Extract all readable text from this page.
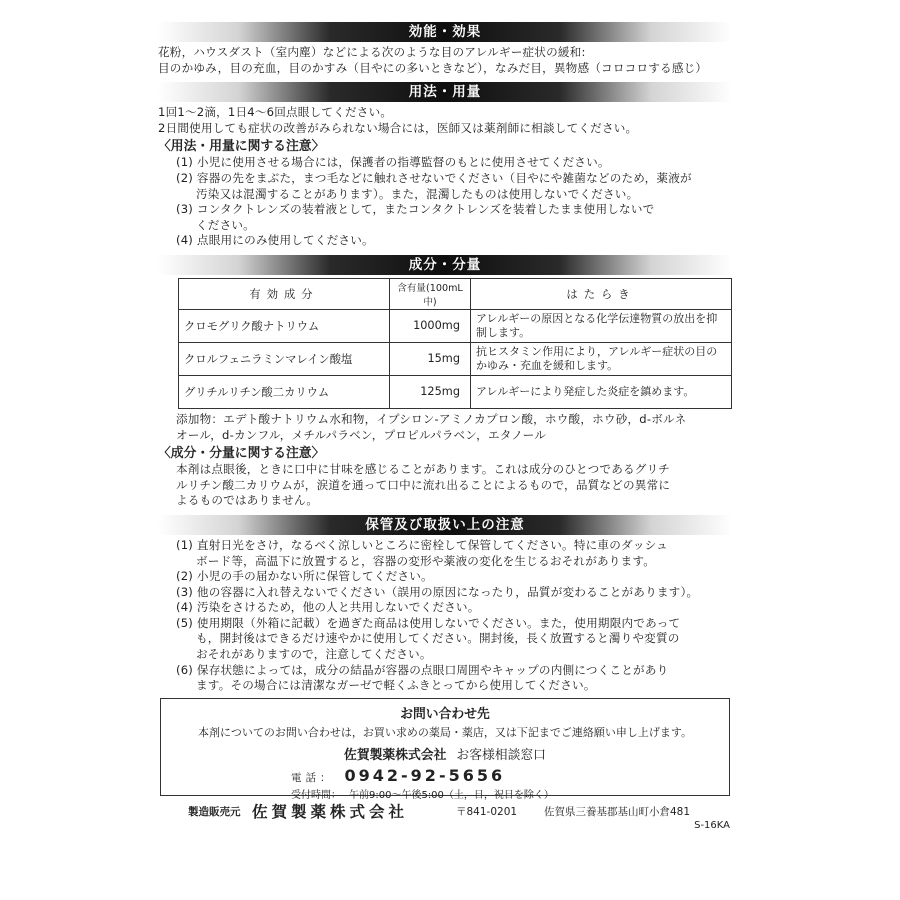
効能・効果
花粉，ハウスダスト（室内塵）などによる次のような目のアレルギー症状の緩和:
目のかゆみ，目の充血，目のかすみ（目やにの多いときなど），なみだ目，異物感（コロコロする感じ）
用法・用量
1回1～2滴，1日4～6回点眼してください。
2日間使用しても症状の改善がみられない場合には，医師又は薬剤師に相談してください。
〈用法・用量に関する注意〉
(1) 小児に使用させる場合には，保護者の指導監督のもとに使用させてください。
(2) 容器の先をまぶた，まつ毛などに触れさせないでください（目やにや雑菌などのため，薬液が
汚染又は混濁することがあります）。また，混濁したものは使用しないでください。
(3) コンタクトレンズの装着液として，またコンタクトレンズを装着したまま使用しないで
ください。
(4) 点眼用にのみ使用してください。
成分・分量
有効成分	含有量(100mL中)	はたらき
クロモグリク酸ナトリウム	1000mg	アレルギーの原因となる化学伝達物質の放出を抑制します。
クロルフェニラミンマレイン酸塩	15mg	抗ヒスタミン作用により，アレルギー症状の目のかゆみ・充血を緩和します。
グリチルリチン酸二カリウム	125mg	アレルギーにより発症した炎症を鎮めます。
添加物：エデト酸ナトリウム水和物，イプシロン-アミノカプロン酸，ホウ酸，ホウ砂，d-ボルネ
オール，d-カンフル，メチルパラベン，プロピルパラベン，エタノール
〈成分・分量に関する注意〉
本剤は点眼後，ときに口中に甘味を感じることがあります。これは成分のひとつであるグリチ
ルリチン酸二カリウムが，涙道を通って口中に流れ出ることによるもので，品質などの異常に
よるものではありません。
保管及び取扱い上の注意
(1) 直射日光をさけ，なるべく涼しいところに密栓して保管してください。特に車のダッシュ
ボード等，高温下に放置すると，容器の変形や薬液の変化を生じるおそれがあります。
(2) 小児の手の届かない所に保管してください。
(3) 他の容器に入れ替えないでください（誤用の原因になったり，品質が変わることがあります）。
(4) 汚染をさけるため，他の人と共用しないでください。
(5) 使用期限（外箱に記載）を過ぎた商品は使用しないでください。また，使用期限内であって
も，開封後はできるだけ速やかに使用してください。開封後，長く放置すると濁りや変質の
おそれがありますので，注意してください。
(6) 保存状態によっては，成分の結晶が容器の点眼口周囲やキャップの内側につくことがあり
ます。その場合には清潔なガーゼで軽くふきとってから使用してください。
お問い合わせ先
本剤についてのお問い合わせは，お買い求めの薬局・薬店，又は下記までご連絡願い申し上げます。
佐賀製薬株式会社 お客様相談窓口
電話： 0942-92-5656
受付時間： 午前9:00～午後5:00（土，日，祝日を除く）
製造販売元 佐賀製薬株式会社	〒841-0201	佐賀県三養基郡基山町小倉481
S-16KA
